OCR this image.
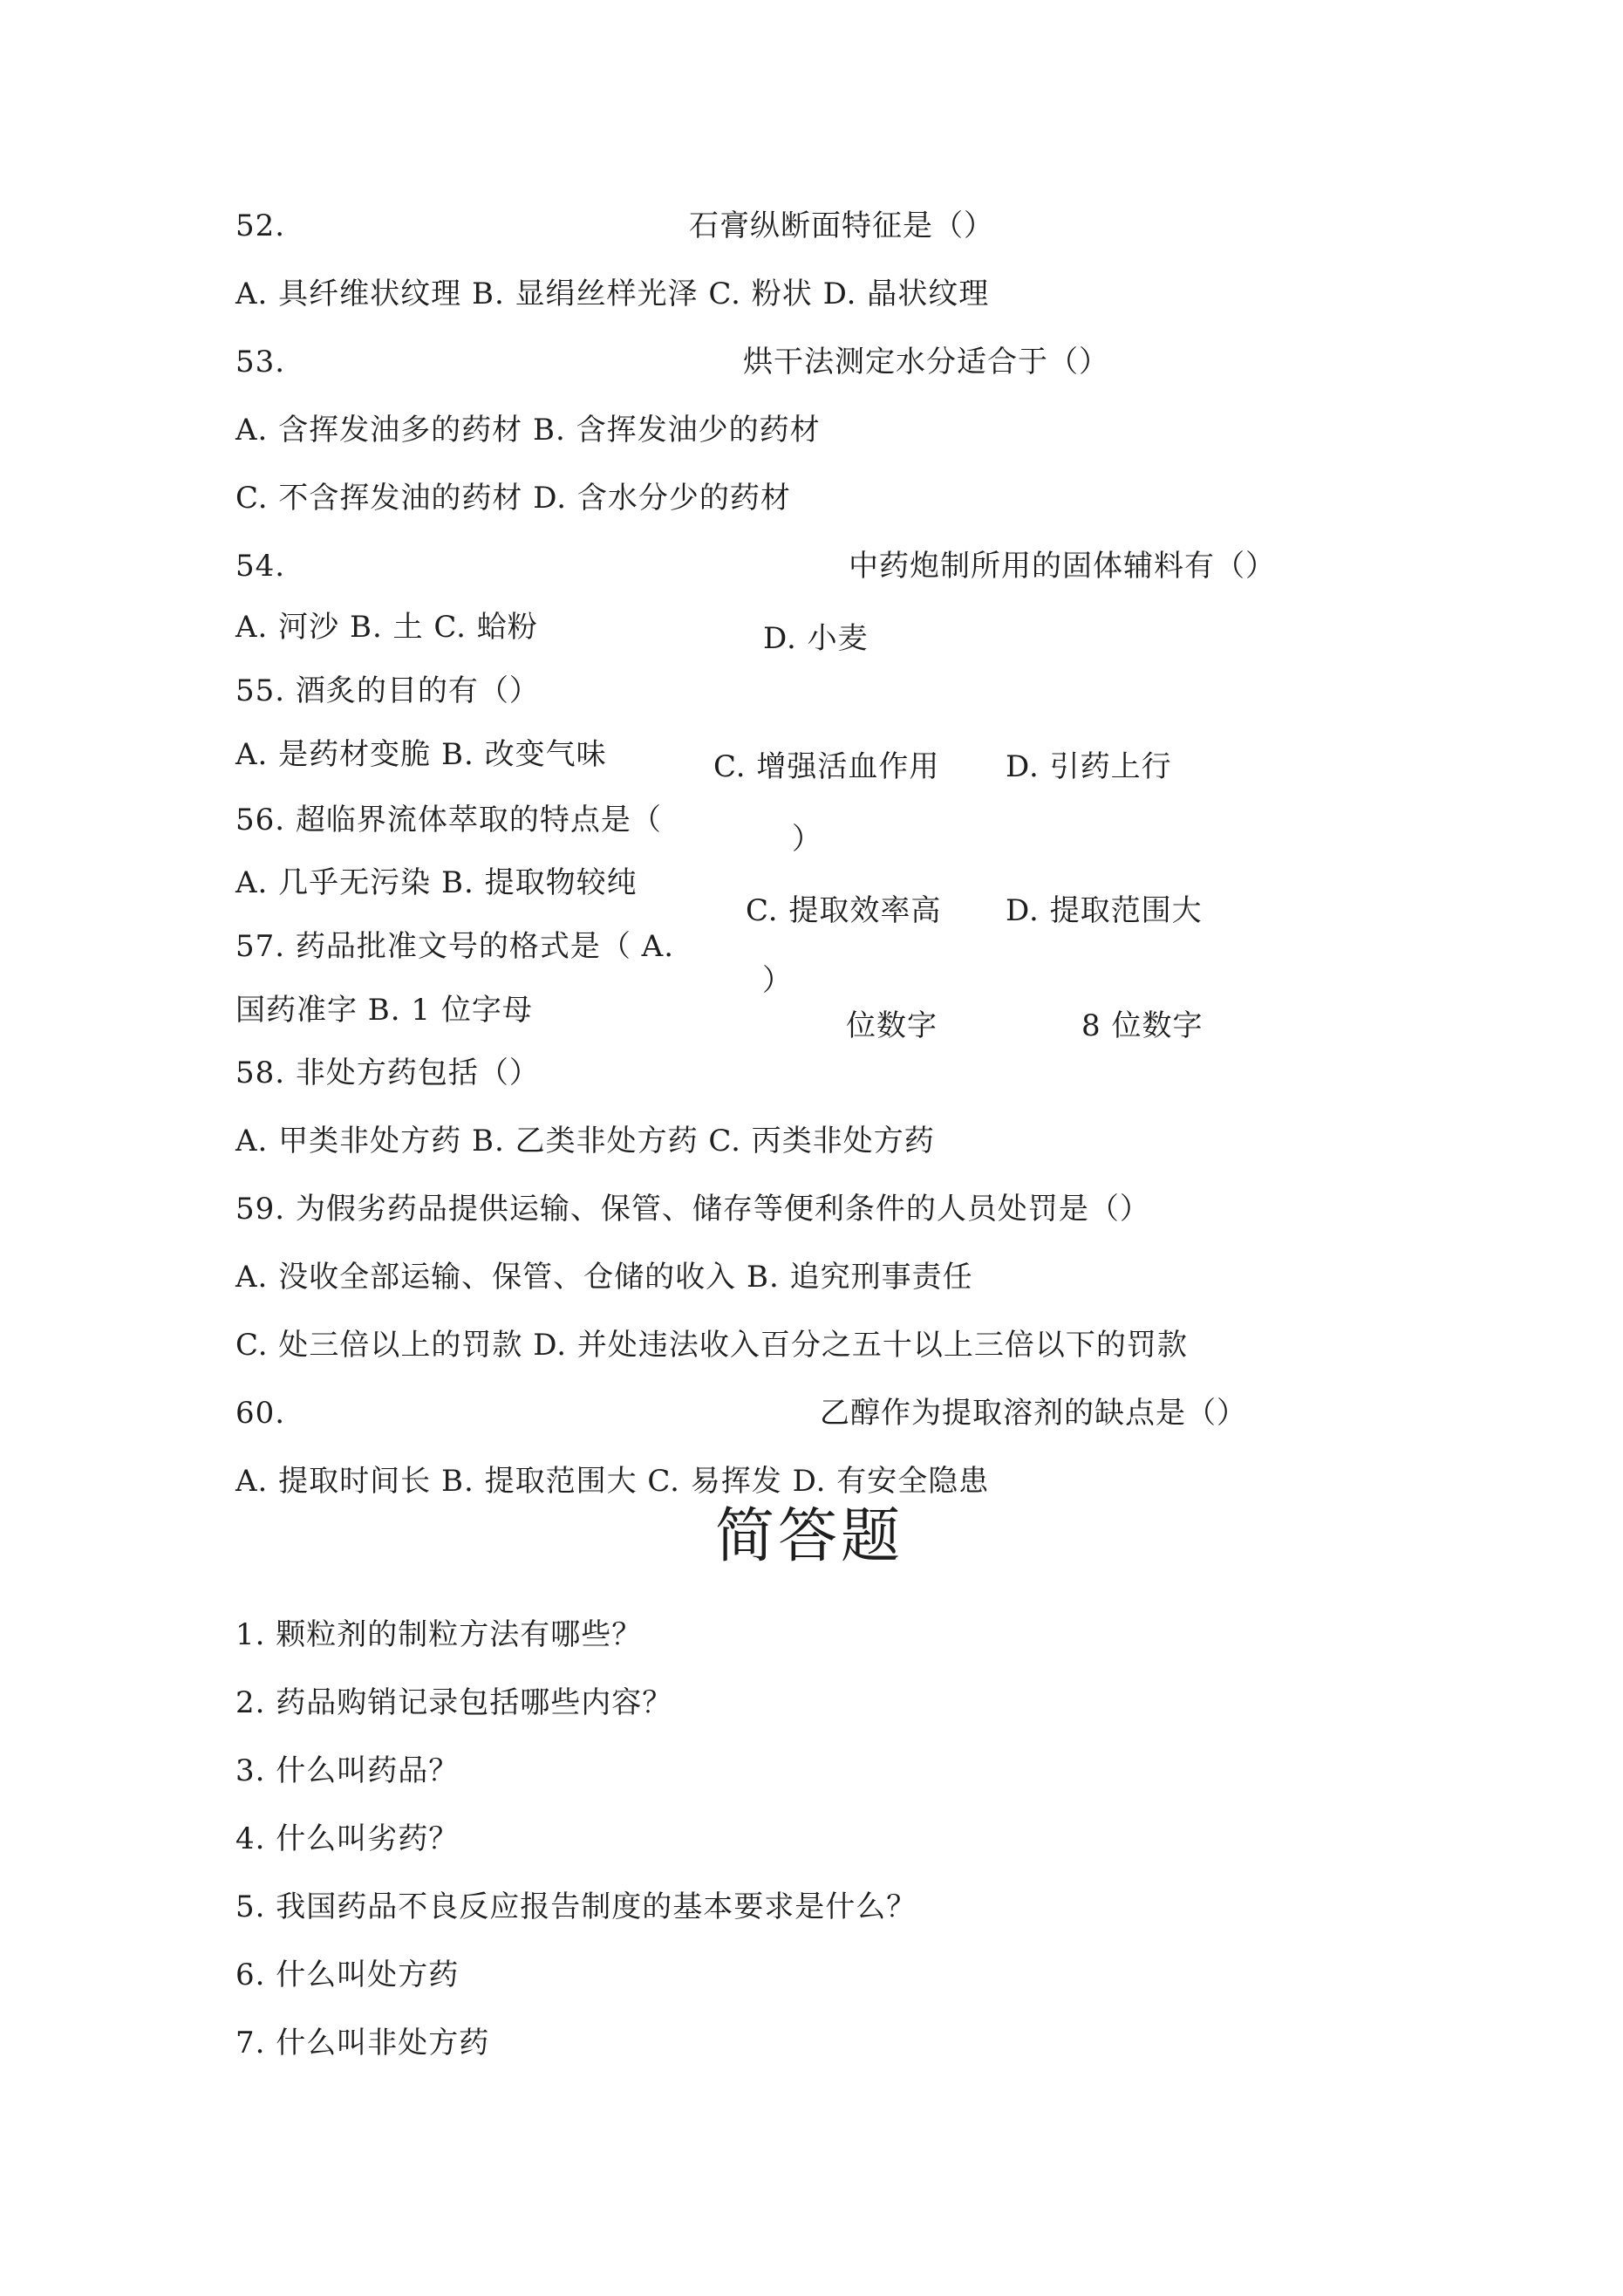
52.	石膏纵断面特征是（）
A. 具纤维状纹理 B. 显绢丝样光泽 C. 粉状 D. 晶状纹理
53.	烘干法测定水分适合于（）
A. 含挥发油多的药材 B. 含挥发油少的药材
C. 不含挥发油的药材 D. 含水分少的药材
54.	中药炮制所用的固体辅料有（）
A. 河沙 B. 土 C. 蛤粉	D. 小麦
55. 酒炙的目的有（）
A. 是药材变脆 B. 改变气味	C. 增强活血作用 D. 引药上行
56. 超临界流体萃取的特点是（
）
A. 几乎无污染 B. 提取物较纯
C. 提取效率高 D. 提取范围大
57. 药品批准文号的格式是（ A.
）
国药准字 B. 1 位字母	位数字	8 位数字
58. 非处方药包括（）
A. 甲类非处方药 B. 乙类非处方药 C. 丙类非处方药
59. 为假劣药品提供运输、保管、储存等便利条件的人员处罚是（）
A. 没收全部运输、保管、仓储的收入 B. 追究刑事责任
C. 处三倍以上的罚款 D. 并处违法收入百分之五十以上三倍以下的罚款
60.	乙醇作为提取溶剂的缺点是（）
A. 提取时间长 B. 提取范围大 C. 易挥发 D. 有安全隐患
简答题
1. 颗粒剂的制粒方法有哪些？
2. 药品购销记录包括哪些内容？
3. 什么叫药品？
4. 什么叫劣药？
5. 我国药品不良反应报告制度的基本要求是什么？
6. 什么叫处方药
7. 什么叫非处方药
